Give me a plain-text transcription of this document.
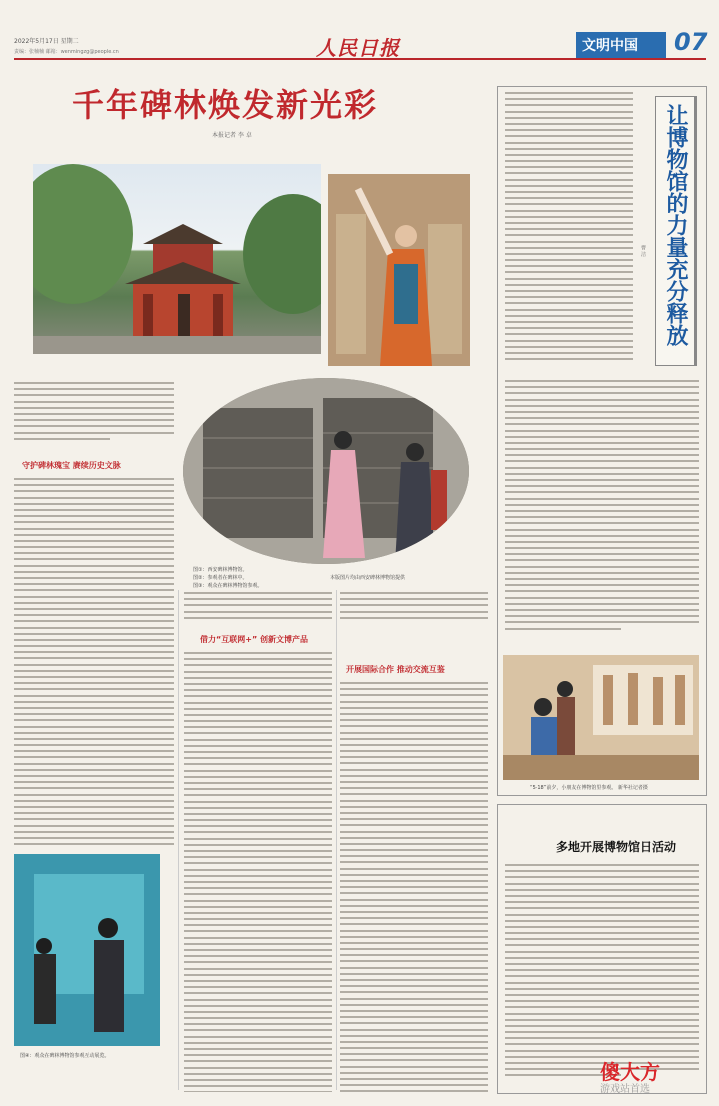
2022年5月17日 星期二
责编：张楠楠 邮箱：wenmingzg@people.cn	人民日报	文明中国	07
千年碑林焕发新光彩
本报记者 李 卓
图①：西安碑林博物馆。
图②：参观者在碑林中。
图③：观众在碑林博物馆参观。
本版图片均由西安碑林博物馆提供
守护碑林瑰宝 赓续历史文脉
图④：观众在碑林博物馆参观互动展览。
借力“互联网+” 创新文博产品
开展国际合作 推动交流互鉴
让博物馆的力量充分释放
曹 洁
“5·18”前夕，小朋友在博物馆里参观。 新华社记者摄
多地开展博物馆日活动
傻大方
游戏站首选
